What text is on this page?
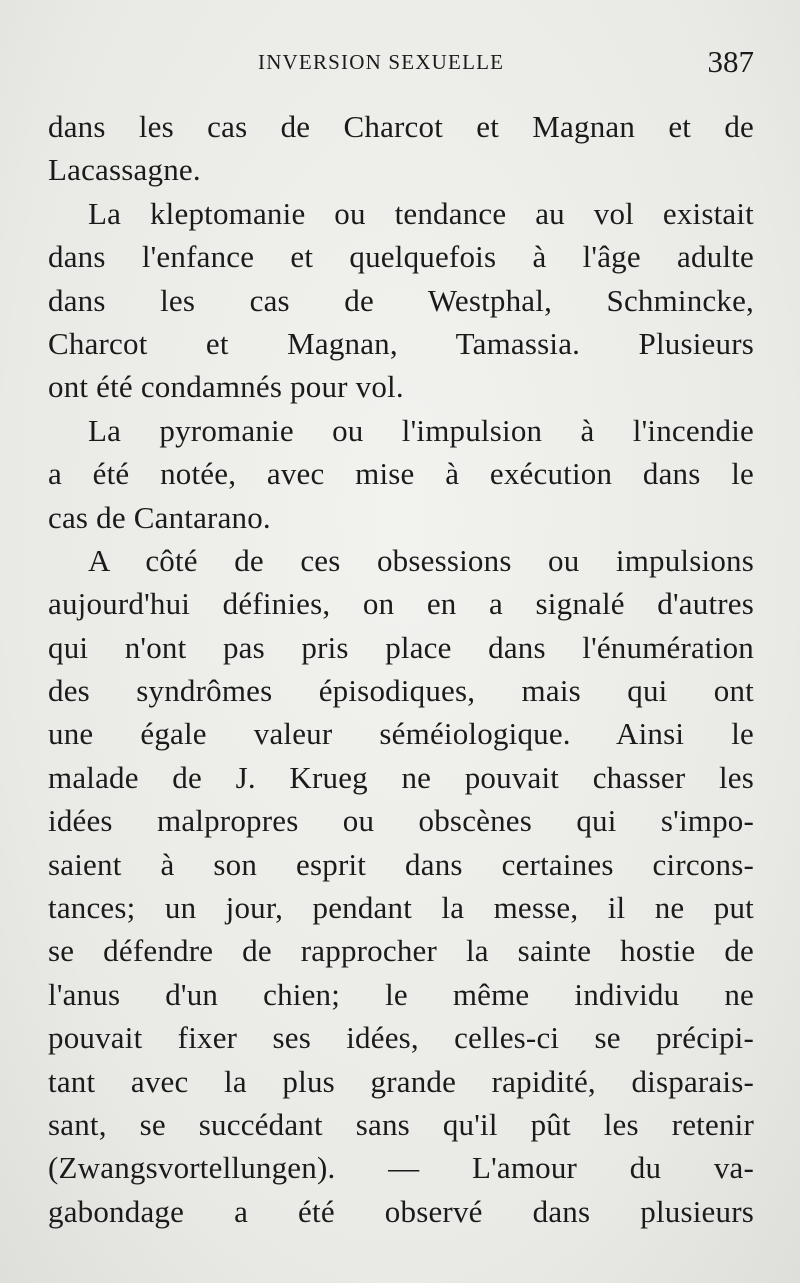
INVERSION SEXUELLE	387
dans les cas de Charcot et Magnan et de
Lacassagne.
La kleptomanie ou tendance au vol existait
dans l'enfance et quelquefois à l'âge adulte
dans les cas de Westphal, Schmincke,
Charcot et Magnan, Tamassia. Plusieurs
ont été condamnés pour vol.
La pyromanie ou l'impulsion à l'incendie
a été notée, avec mise à exécution dans le
cas de Cantarano.
A côté de ces obsessions ou impulsions
aujourd'hui définies, on en a signalé d'autres
qui n'ont pas pris place dans l'énumération
des syndrômes épisodiques, mais qui ont
une égale valeur séméiologique. Ainsi le
malade de J. Krueg ne pouvait chasser les
idées malpropres ou obscènes qui s'impo-
saient à son esprit dans certaines circons-
tances; un jour, pendant la messe, il ne put
se défendre de rapprocher la sainte hostie de
l'anus d'un chien; le même individu ne
pouvait fixer ses idées, celles-ci se précipi-
tant avec la plus grande rapidité, disparais-
sant, se succédant sans qu'il pût les retenir
(Zwangsvortellungen). — L'amour du va-
gabondage a été observé dans plusieurs
